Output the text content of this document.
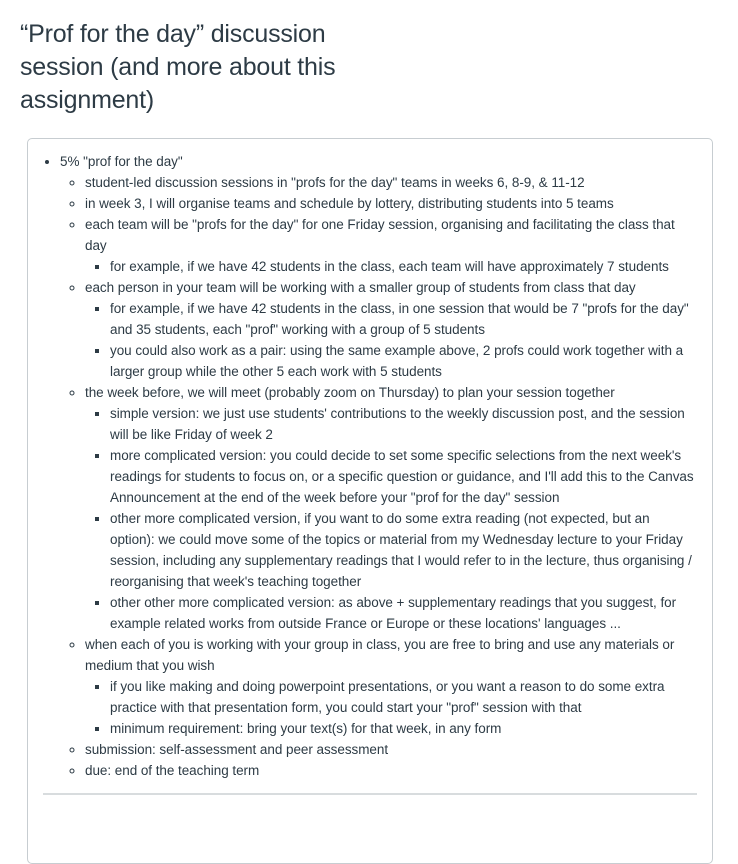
“Prof for the day” discussion session (and more about this assignment)
• 5% "prof for the day"
◦ student-led discussion sessions in "profs for the day" teams in weeks 6, 8-9, & 11-12
◦ in week 3, I will organise teams and schedule by lottery, distributing students into 5 teams
◦ each team will be "profs for the day" for one Friday session, organising and facilitating the class that day
▪ for example, if we have 42 students in the class, each team will have approximately 7 students
◦ each person in your team will be working with a smaller group of students from class that day
▪ for example, if we have 42 students in the class, in one session that would be 7 "profs for the day" and 35 students, each "prof" working with a group of 5 students
▪ you could also work as a pair: using the same example above, 2 profs could work together with a larger group while the other 5 each work with 5 students
◦ the week before, we will meet (probably zoom on Thursday) to plan your session together
▪ simple version: we just use students' contributions to the weekly discussion post, and the session will be like Friday of week 2
▪ more complicated version: you could decide to set some specific selections from the next week's readings for students to focus on, or a specific question or guidance, and I'll add this to the Canvas Announcement at the end of the week before your "prof for the day" session
▪ other more complicated version, if you want to do some extra reading (not expected, but an option): we could move some of the topics or material from my Wednesday lecture to your Friday session, including any supplementary readings that I would refer to in the lecture, thus organising / reorganising that week's teaching together
▪ other other more complicated version: as above + supplementary readings that you suggest, for example related works from outside France or Europe or these locations' languages ...
◦ when each of you is working with your group in class, you are free to bring and use any materials or medium that you wish
▪ if you like making and doing powerpoint presentations, or you want a reason to do some extra practice with that presentation form, you could start your "prof" session with that
▪ minimum requirement: bring your text(s) for that week, in any form
◦ submission: self-assessment and peer assessment
◦ due: end of the teaching term
